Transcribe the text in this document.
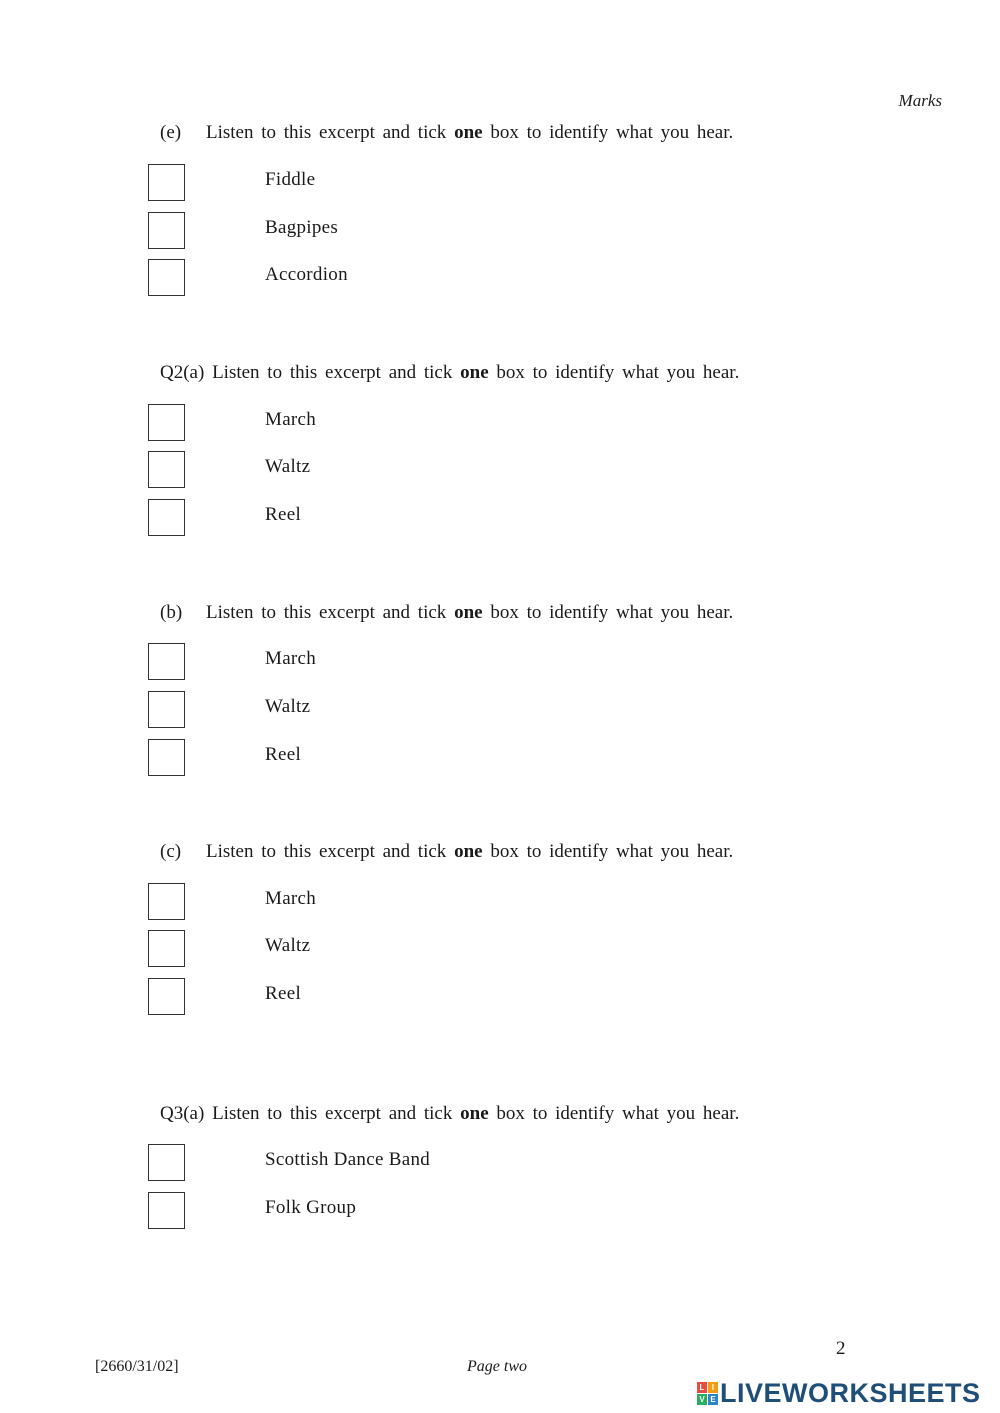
Marks
(e) Listen to this excerpt and tick one box to identify what you hear.
Fiddle
Bagpipes
Accordion
Q2(a) Listen to this excerpt and tick one box to identify what you hear.
March
Waltz
Reel
(b) Listen to this excerpt and tick one box to identify what you hear.
March
Waltz
Reel
(c) Listen to this excerpt and tick one box to identify what you hear.
March
Waltz
Reel
Q3(a) Listen to this excerpt and tick one box to identify what you hear.
Scottish Dance Band
Folk Group
2
[2660/31/02]	Page two
L I
V E LIVEWORKSHEETS
